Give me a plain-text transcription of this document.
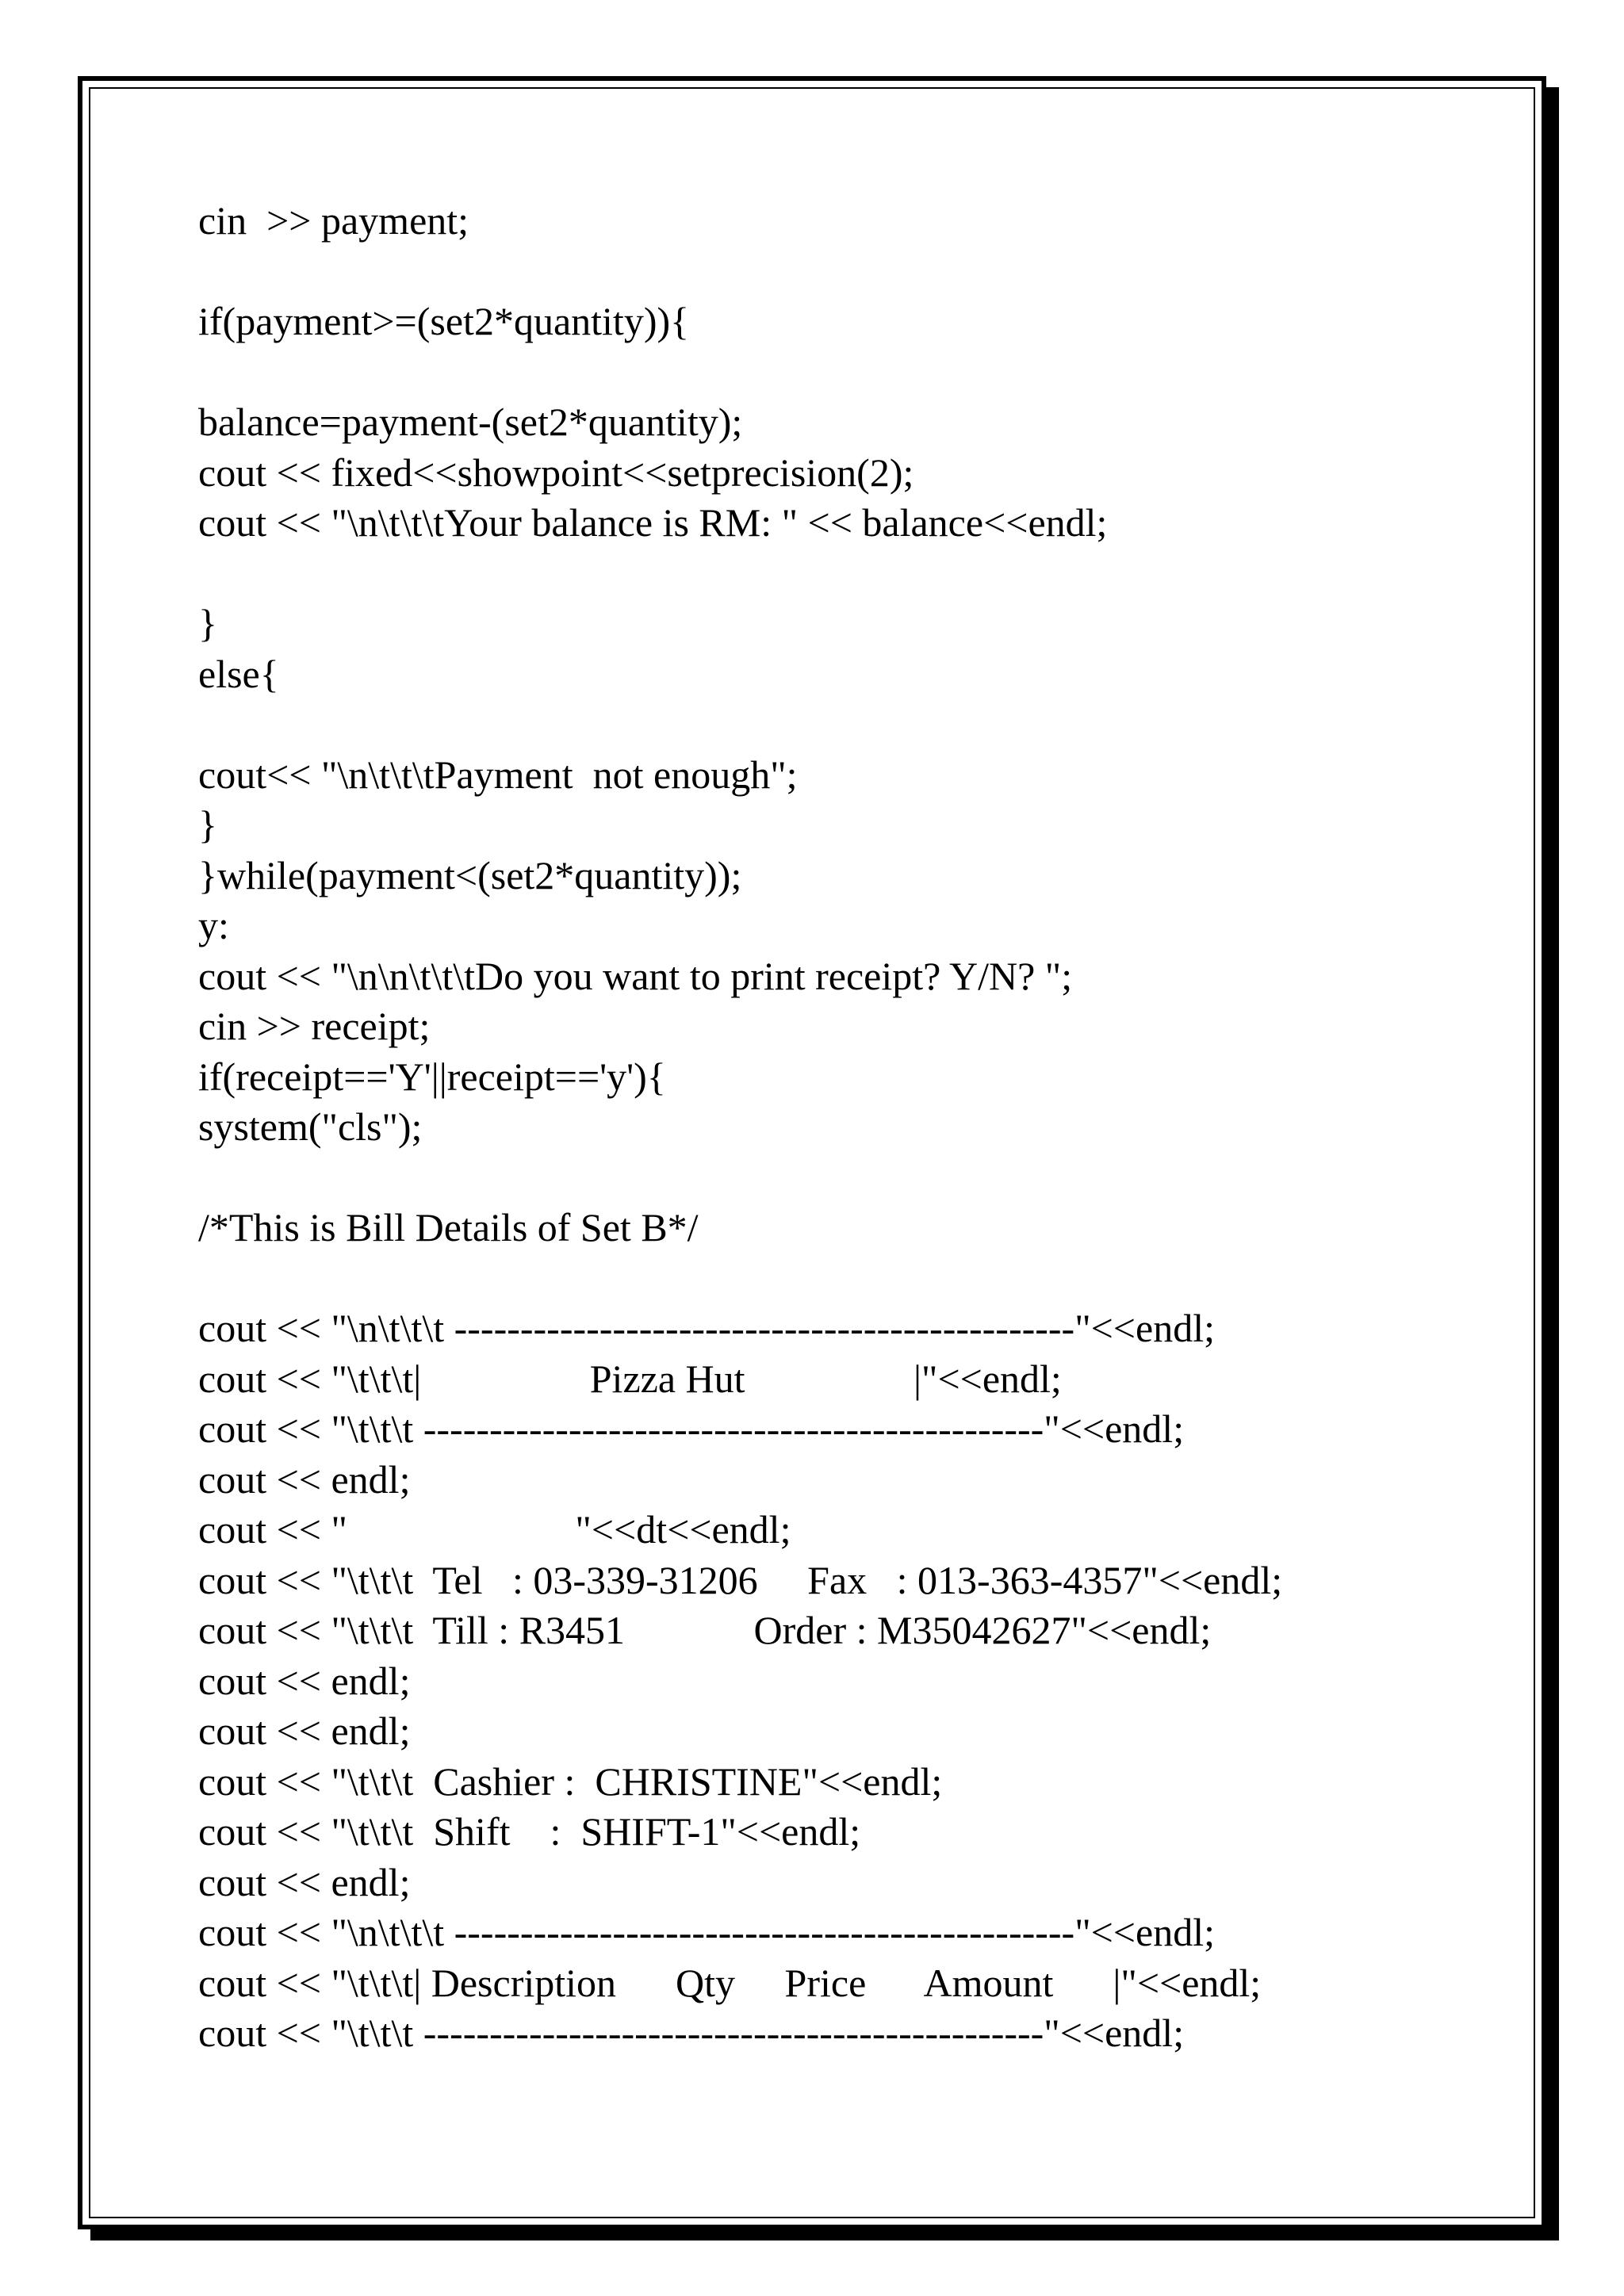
cin  >> payment;
if(payment>=(set2*quantity)){
balance=payment-(set2*quantity);
cout << fixed<<showpoint<<setprecision(2);
cout << "\n\t\t\tYour balance is RM: " << balance<<endl;
}
else{
cout<< "\n\t\t\tPayment  not enough";
}
}while(payment<(set2*quantity));
y:
cout << "\n\n\t\t\tDo you want to print receipt? Y/N? ";
cin >> receipt;
if(receipt=='Y'||receipt=='y'){
system("cls");
/*This is Bill Details of Set B*/
cout << "\n\t\t\t -----------------------------------------------"<<endl;
cout << "\t\t\t|                 Pizza Hut                 |"<<endl;
cout << "\t\t\t -----------------------------------------------"<<endl;
cout << endl;
cout << "                       "<<dt<<endl;
cout << "\t\t\t  Tel   : 03-339-31206     Fax   : 013-363-4357"<<endl;
cout << "\t\t\t  Till : R3451             Order : M35042627"<<endl;
cout << endl;
cout << endl;
cout << "\t\t\t  Cashier :  CHRISTINE"<<endl;
cout << "\t\t\t  Shift    :  SHIFT-1"<<endl;
cout << endl;
cout << "\n\t\t\t -----------------------------------------------"<<endl;
cout << "\t\t\t| Description      Qty     Price      Amount      |"<<endl;
cout << "\t\t\t -----------------------------------------------"<<endl;
